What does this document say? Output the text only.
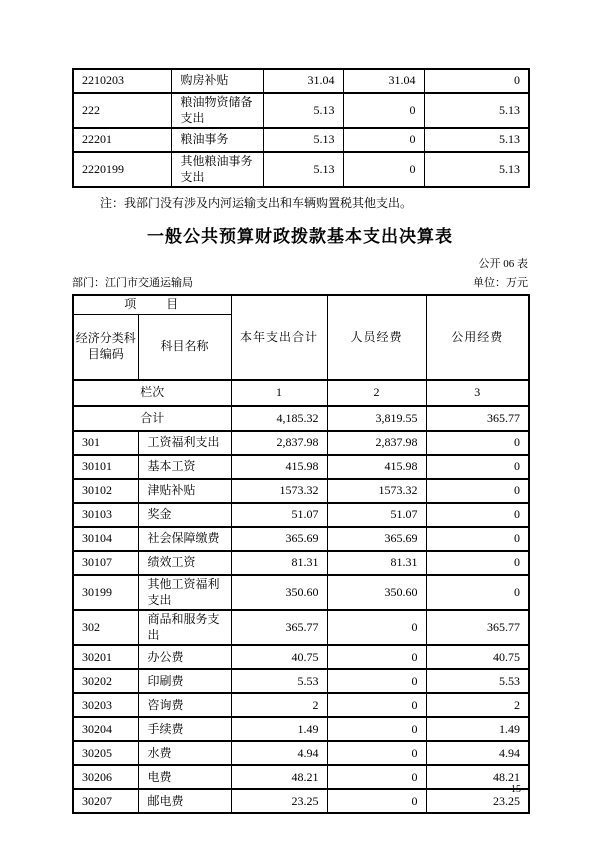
2210203	购房补贴	31.04	31.04	0
222	粮油物资储备支出	5.13	0	5.13
22201	粮油事务	5.13	0	5.13
2220199	其他粮油事务支出	5.13	0	5.13
注：我部门没有涉及内河运输支出和车辆购置税其他支出。
一般公共预算财政拨款基本支出决算表
公开 06 表
部门：江门市交通运输局	单位：万元
项　　目		本年支出合计	人员经费	公用经费
经济分类科目编码	科目名称			
栏次		1	2	3
合计		4,185.32	3,819.55	365.77
301	工资福利支出	2,837.98	2,837.98	0
30101	基本工资	415.98	415.98	0
30102	津贴补贴	1573.32	1573.32	0
30103	奖金	51.07	51.07	0
30104	社会保障缴费	365.69	365.69	0
30107	绩效工资	81.31	81.31	0
30199	其他工资福利支出	350.60	350.60	0
302	商品和服务支出	365.77	0	365.77
30201	办公费	40.75	0	40.75
30202	印刷费	5.53	0	5.53
30203	咨询费	2	0	2
30204	手续费	1.49	0	1.49
30205	水费	4.94	0	4.94
30206	电费	48.21	0	48.21
30207	邮电费	23.25	0	23.25
15
